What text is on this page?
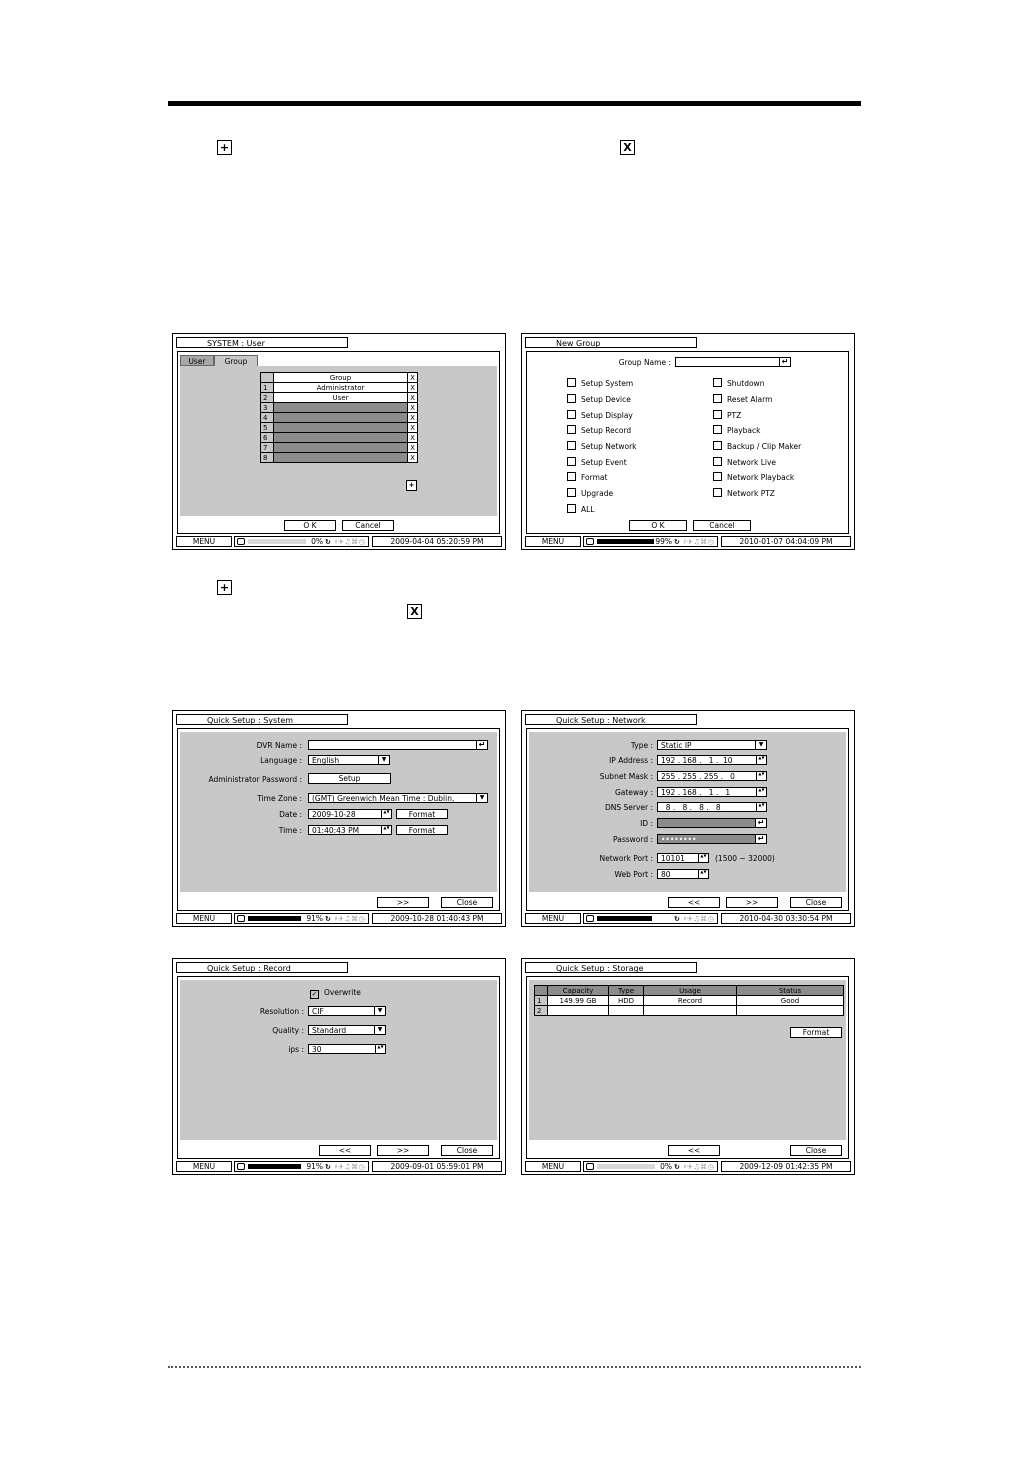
+	X
SYSTEM : User
User	Group
	Group	X
1	Administrator	X
2	User	X
3		X
4		X
5		X
6		X
7		X
8		X
+
O K	Cancel
MENU	0% ↻ ♯✈♫⌘◷	2009-04-04 05:20:59 PM
New Group
Group Name :	↵
Setup System
Setup Device
Setup Display
Setup Record
Setup Network
Setup Event
Format
Upgrade
ALL
Shutdown
Reset Alarm
PTZ
Playback
Backup / Clip Maker
Network Live
Network Playback
Network PTZ
O K	Cancel
MENU	99% ↻ ♯✈♫⌘◷	2010-01-07 04:04:09 PM
+
X
Quick Setup : System
DVR Name :	↵
Language :	English	▼
Administrator Password :	Setup
Time Zone :	(GMT) Greenwich Mean Time : Dublin,	▼
Date :	2009-10-28	▲▼	Format
Time :	01:40:43 PM	▲▼	Format
>>	Close
MENU	91% ↻ ♯✈♫⌘◷	2009-10-28 01:40:43 PM
Quick Setup : Network
Type :	Static IP	▼
IP Address :	192 . 168 .   1 .  10	▲▼
Subnet Mask :	255 . 255 . 255 .   0	▲▼
Gateway :	192 . 168 .   1 .   1	▲▼
DNS Server :	8 .   8 .   8 .   8	▲▼
ID :	↵
Password :	••••••••	↵
Network Port :	10101	▲▼ (1500 ~ 32000)
Web Port :	80	▲▼
<<	>>	Close
MENU	↻ ♯✈♫⌘◷	2010-04-30 03:30:54 PM
Quick Setup : Record
✓ Overwrite
Resolution :	CIF	▼
Quality :	Standard	▼
ips :	30	▲▼
<<	>>	Close
MENU	91% ↻ ♯✈♫⌘◷	2009-09-01 05:59:01 PM
Quick Setup : Storage
	Capacity	Type	Usage	Status
1	149.99 GB	HDD	Record	Good
2				
Format
<<	Close
MENU	0% ↻ ♯✈♫⌘◷	2009-12-09 01:42:35 PM
